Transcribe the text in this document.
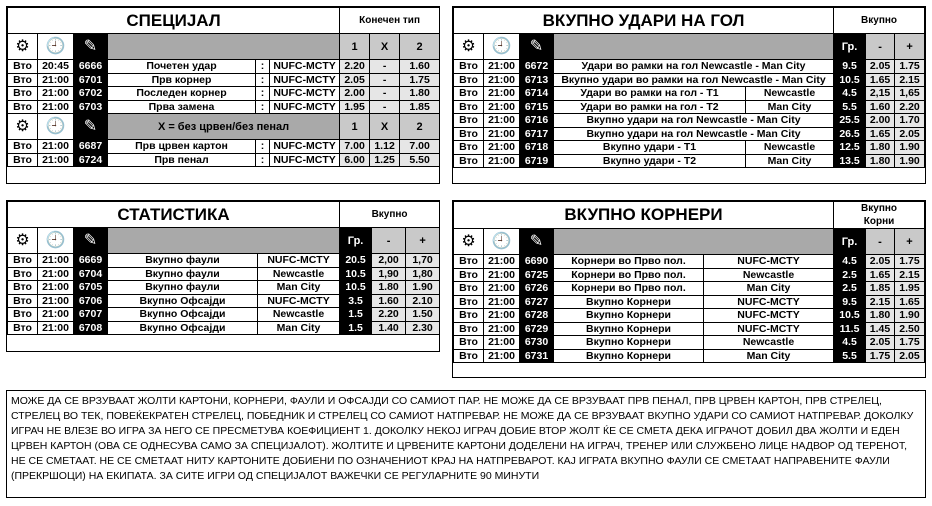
СПЕЦИЈАЛ						Конечен тип		
⚙	🕘	✎				1	X	2
Вто	20:45	6666	Почетен удар	:	NUFC-MCTY	2.20	-	1.60
Вто	21:00	6701	Прв корнер	:	NUFC-MCTY	2.05	-	1.75
Вто	21:00	6702	Последен корнер	:	NUFC-MCTY	2.00	-	1.80
Вто	21:00	6703	Прва замена	:	NUFC-MCTY	1.95	-	1.85
⚙	🕘	✎	X = без црвен/без пенал			1	X	2
Вто	21:00	6687	Прв црвен картон	:	NUFC-MCTY	7.00	1.12	7.00
Вто	21:00	6724	Прв пенал	:	NUFC-MCTY	6.00	1.25	5.50
ВКУПНО УДАРИ НА ГОЛ					Вкупно		
⚙	🕘	✎			Гр.	-	+
Вто	21:00	6672	Удари во рамки на гол Newcastle - Man City		9.5	2.05	1.75
Вто	21:00	6713	Вкупно удари во рамки на гол Newcastle - Man City		10.5	1.65	2.15
Вто	21:00	6714	Удари во рамки на гол - Т1	Newcastle	4.5	2,15	1,65
Вто	21:00	6715	Удари во рамки на гол - Т2	Man City	5.5	1.60	2.20
Вто	21:00	6716	Вкупно удари на гол Newcastle - Man City		25.5	2.00	1.70
Вто	21:00	6717	Вкупно удари на гол Newcastle - Man City		26.5	1.65	2.05
Вто	21:00	6718	Вкупно удари - Т1	Newcastle	12.5	1.80	1.90
Вто	21:00	6719	Вкупно удари - Т2	Man City	13.5	1.80	1.90
СТАТИСТИКА					Вкупно		
⚙	🕘	✎			Гр.	-	+
Вто	21:00	6669	Вкупно фаули	NUFC-MCTY	20.5	2,00	1,70
Вто	21:00	6704	Вкупно фаули	Newcastle	10.5	1,90	1,80
Вто	21:00	6705	Вкупно фаули	Man City	10.5	1.80	1.90
Вто	21:00	6706	Вкупно Офсајди	NUFC-MCTY	3.5	1.60	2.10
Вто	21:00	6707	Вкупно Офсајди	Newcastle	1.5	2.20	1.50
Вто	21:00	6708	Вкупно Офсајди	Man City	1.5	1.40	2.30
ВКУПНО КОРНЕРИ					Вкупно
Корни		
⚙	🕘	✎			Гр.	-	+
Вто	21:00	6690	Корнери во Прво пол.	NUFC-MCTY	4.5	2.05	1.75
Вто	21:00	6725	Корнери во Прво пол.	Newcastle	2.5	1.65	2.15
Вто	21:00	6726	Корнери во Прво пол.	Man City	2.5	1.85	1.95
Вто	21:00	6727	Вкупно Корнери	NUFC-MCTY	9.5	2.15	1.65
Вто	21:00	6728	Вкупно Корнери	NUFC-MCTY	10.5	1.80	1.90
Вто	21:00	6729	Вкупно Корнери	NUFC-MCTY	11.5	1.45	2.50
Вто	21:00	6730	Вкупно Корнери	Newcastle	4.5	2.05	1.75
Вто	21:00	6731	Вкупно Корнери	Man City	5.5	1.75	2.05
МОЖЕ ДА СЕ ВРЗУВААТ ЖОЛТИ КАРТОНИ, КОРНЕРИ, ФАУЛИ И ОФСАЈДИ СО САМИОТ ПАР. НЕ МОЖЕ ДА СЕ ВРЗУВААТ ПРВ ПЕНАЛ, ПРВ ЦРВЕН КАРТОН, ПРВ СТРЕЛЕЦ, СТРЕЛЕЦ ВО ТЕК, ПОВЕЌЕКРАТЕН СТРЕЛЕЦ, ПОБЕДНИК И СТРЕЛЕЦ СО САМИОТ НАТПРЕВАР. НЕ МОЖЕ ДА СЕ ВРЗУВААТ ВКУПНО УДАРИ СО САМИОТ НАТПРЕВАР. ДОКОЛКУ ИГРАЧ НЕ ВЛЕЗЕ ВО ИГРА ЗА НЕГО СЕ ПРЕСМЕТУВА КОЕФИЦИЕНТ 1. ДОКОЛКУ НЕКОЈ ИГРАЧ ДОБИЕ ВТОР ЖОЛТ ЌЕ СЕ СМЕТА ДЕКА ИГРАЧОТ ДОБИЛ ДВА ЖОЛТИ И ЕДЕН ЦРВЕН КАРТОН (ОВА СЕ ОДНЕСУВА САМО ЗА СПЕЦИЈАЛОТ). ЖОЛТИТЕ И ЦРВЕНИТЕ КАРТОНИ ДОДЕЛЕНИ НА ИГРАЧ, ТРЕНЕР ИЛИ СЛУЖБЕНО ЛИЦЕ НАДВОР ОД ТЕРЕНОТ, НЕ СЕ СМЕТААТ. НЕ СЕ СМЕТААТ НИТУ КАРТОНИТЕ ДОБИЕНИ ПО ОЗНАЧЕНИОТ КРАЈ НА НАТПРЕВАРОТ. КАЈ ИГРАТА ВКУПНО ФАУЛИ СЕ СМЕТААТ НАПРАВЕНИТЕ ФАУЛИ (ПРЕКРШОЦИ) НА ЕКИПАТА. ЗА СИТЕ ИГРИ ОД СПЕЦИЈАЛОТ ВАЖЕЧКИ СЕ РЕГУЛАРНИТЕ 90 МИНУТИ
